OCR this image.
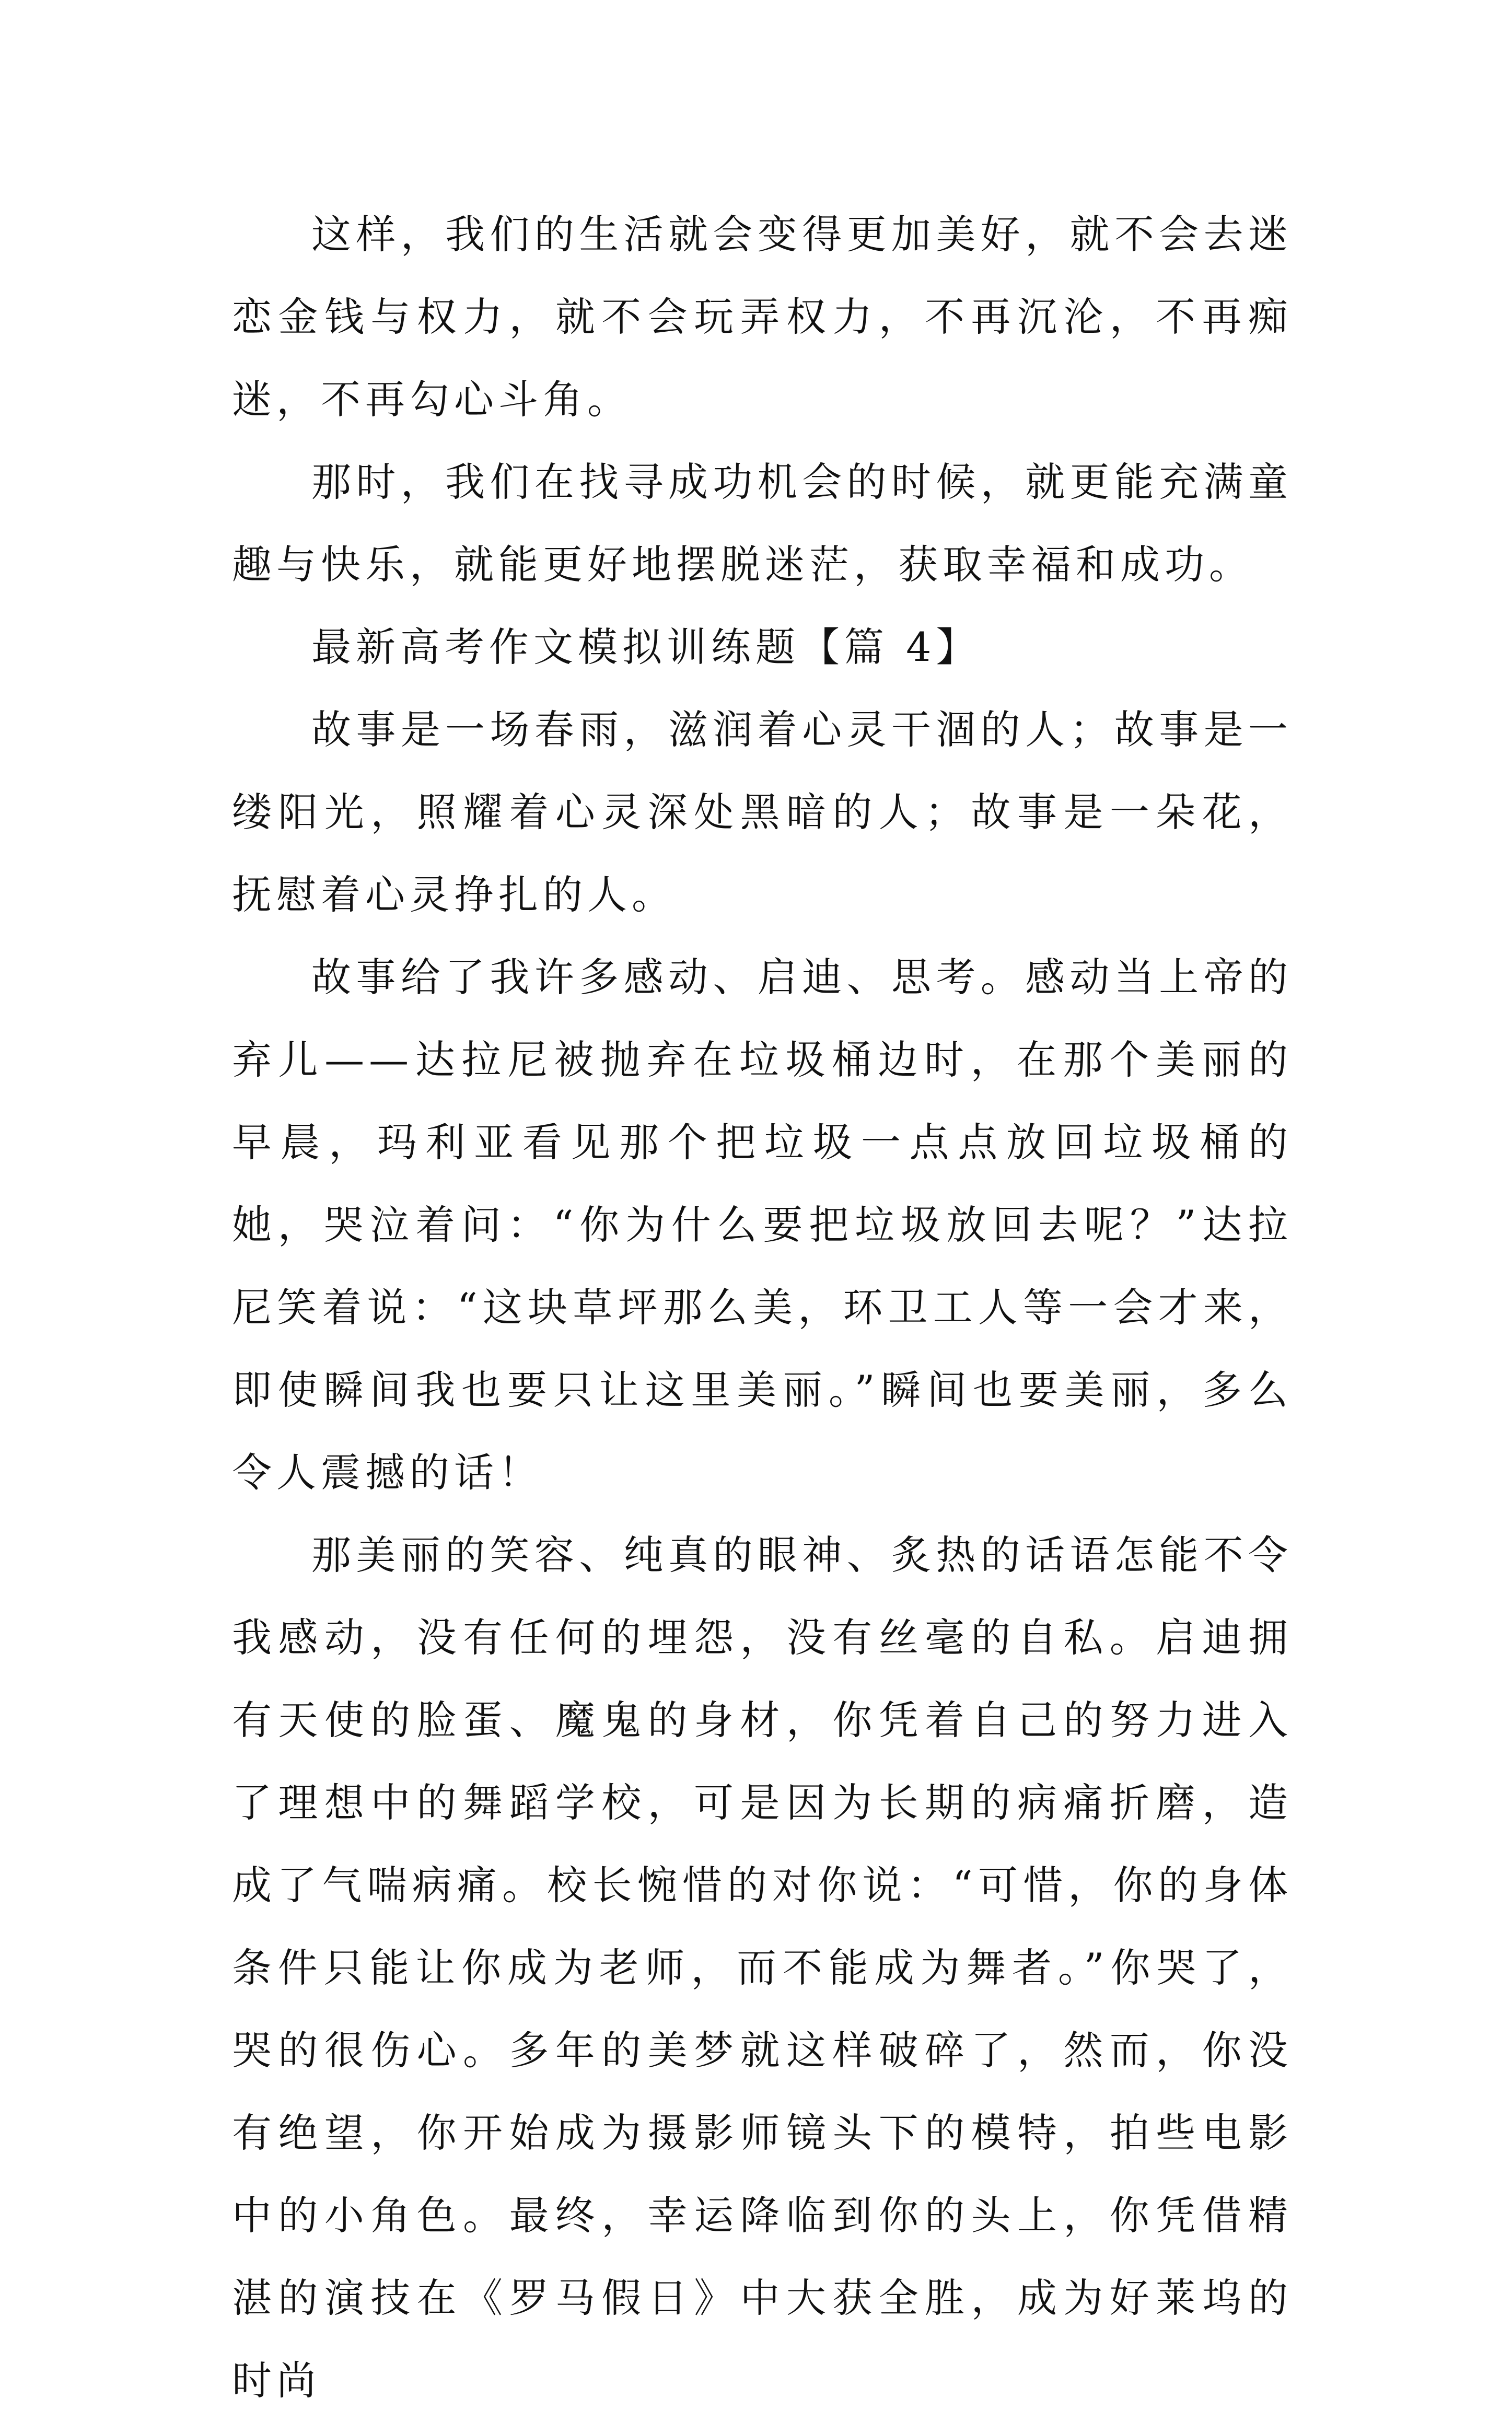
这样，我们的生活就会变得更加美好，就不会去迷恋金钱与权力，就不会玩弄权力，不再沉沦，不再痴迷，不再勾心斗角。

那时，我们在找寻成功机会的时候，就更能充满童趣与快乐，就能更好地摆脱迷茫，获取幸福和成功。

最新高考作文模拟训练题【篇 4】

故事是一场春雨，滋润着心灵干涸的人；故事是一缕阳光，照耀着心灵深处黑暗的人；故事是一朵花，抚慰着心灵挣扎的人。

故事给了我许多感动、启迪、思考。感动当上帝的弃儿——达拉尼被抛弃在垃圾桶边时，在那个美丽的早晨，玛利亚看见那个把垃圾一点点放回垃圾桶的她，哭泣着问：“你为什么要把垃圾放回去呢？”达拉尼笑着说：“这块草坪那么美，环卫工人等一会才来，即使瞬间我也要只让这里美丽。”瞬间也要美丽，多么令人震撼的话！

那美丽的笑容、纯真的眼神、炙热的话语怎能不令我感动，没有任何的埋怨，没有丝毫的自私。启迪拥有天使的脸蛋、魔鬼的身材，你凭着自己的努力进入了理想中的舞蹈学校，可是因为长期的病痛折磨，造成了气喘病痛。校长惋惜的对你说：“可惜，你的身体条件只能让你成为老师，而不能成为舞者。”你哭了，哭的很伤心。多年的美梦就这样破碎了，然而，你没有绝望，你开始成为摄影师镜头下的模特，拍些电影中的小角色。最终，幸运降临到你的头上，你凭借精湛的演技在《罗马假日》中大获全胜，成为好莱坞的时尚
